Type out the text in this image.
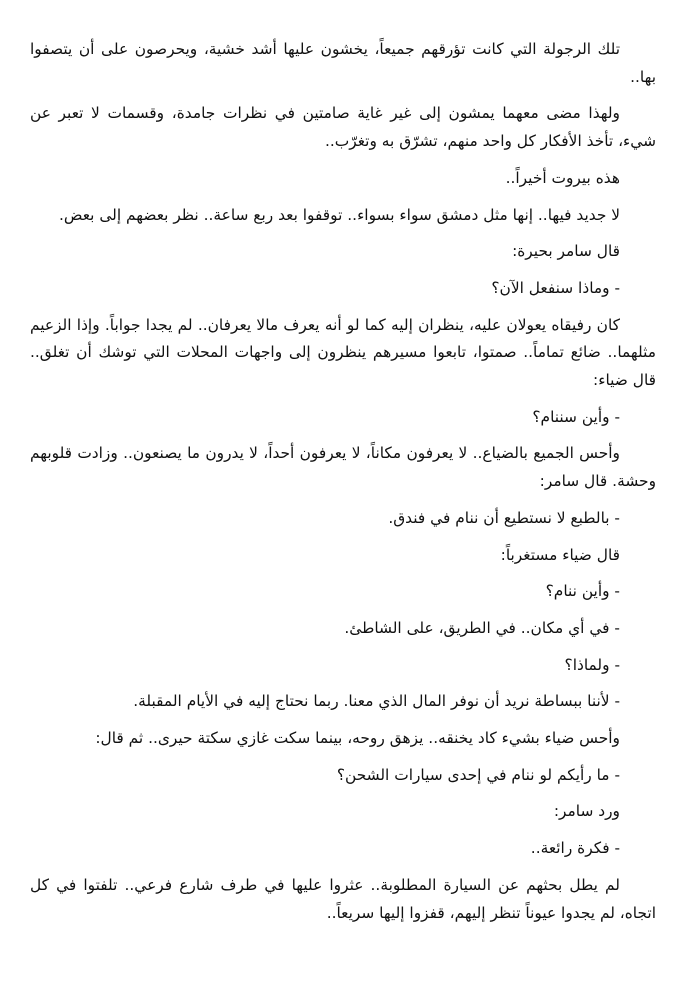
تلك الرجولة التي كانت تؤرقهم جميعاً، يخشون عليها أشد خشية، ويحرصون على أن يتصفوا بها..

ولهذا مضى معهما يمشون إلى غير غاية صامتين في نظرات جامدة، وقسمات لا تعبر عن شيء، تأخذ الأفكار كل واحد منهم، تشرّق به وتغرّب..

هذه بيروت أخيراً..

لا جديد فيها.. إنها مثل دمشق سواء بسواء.. توقفوا بعد ربع ساعة.. نظر بعضهم إلى بعض.

قال سامر بحيرة:

- وماذا سنفعل الآن؟

كان رفيقاه يعولان عليه، ينظران إليه كما لو أنه يعرف مالا يعرفان.. لم يجدا جواباً. وإذا الزعيم مثلهما.. ضائع تماماً.. صمتوا، تابعوا مسيرهم ينظرون إلى واجهات المحلات التي توشك أن تغلق.. قال ضياء:

- وأين سننام؟

وأحس الجميع بالضياع.. لا يعرفون مكاناً، لا يعرفون أحداً، لا يدرون ما يصنعون.. وزادت قلوبهم وحشة. قال سامر:

- بالطبع لا نستطيع أن ننام في فندق.

قال ضياء مستغرباً:

- وأين ننام؟

- في أي مكان.. في الطريق، على الشاطئ.

- ولماذا؟

- لأننا ببساطة نريد أن نوفر المال الذي معنا. ربما نحتاج إليه في الأيام المقبلة.

وأحس ضياء بشيء كاد يخنقه.. يزهق روحه، بينما سكت غازي سكتة حيرى.. ثم قال:

- ما رأيكم لو ننام في إحدى سيارات الشحن؟

ورد سامر:

- فكرة رائعة..

لم يطل بحثهم عن السيارة المطلوبة.. عثروا عليها في طرف شارع فرعي.. تلفتوا في كل اتجاه، لم يجدوا عيوناً تنظر إليهم، قفزوا إليها سريعاً..
